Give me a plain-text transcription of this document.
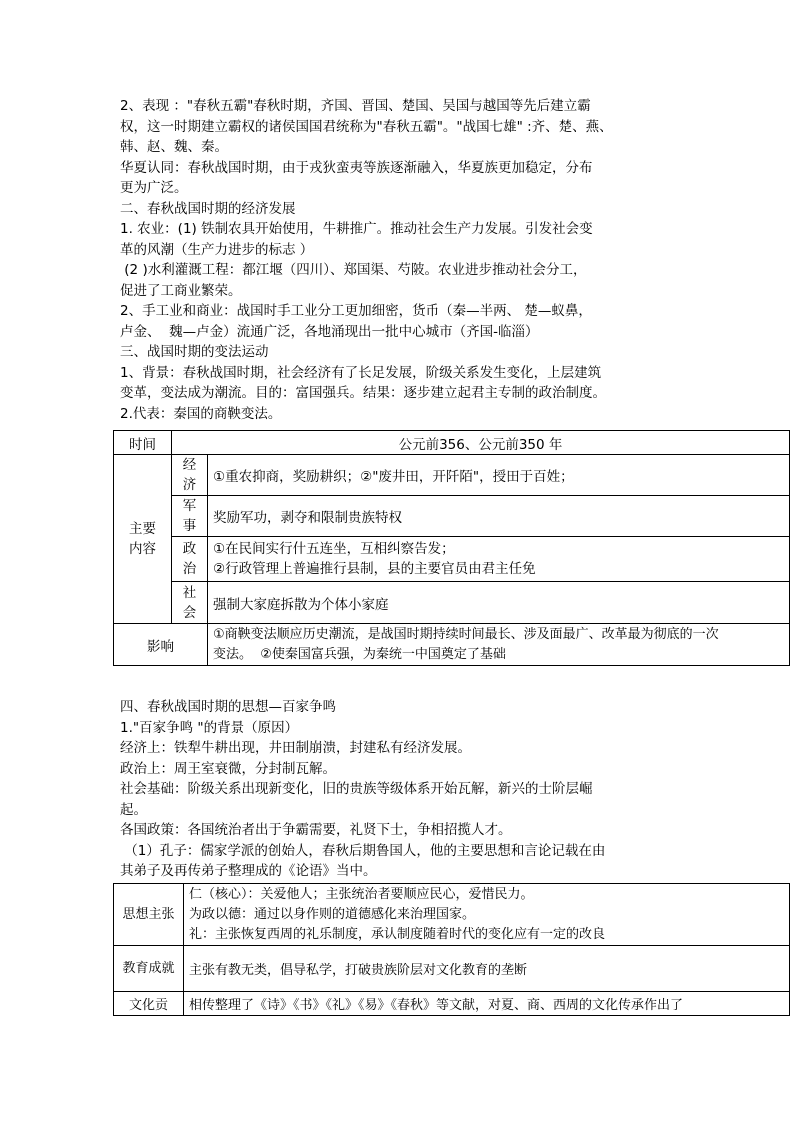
2、表现 ："春秋五霸"春秋时期，齐国、晋国、楚国、吴国与越国等先后建立霸

权，这一时期建立霸权的诸侯国国君统称为"春秋五霸"。"战国七雄" :齐、楚、燕、

韩、赵、魏、秦。

华夏认同：春秋战国时期，由于戎狄蛮夷等族逐渐融入，华夏族更加稳定，分布

更为广泛。

二、春秋战国时期的经济发展

1. 农业：(1) 铁制农具开始使用，牛耕推广。推动社会生产力发展。引发社会变

革的风潮（生产力进步的标志 ）

(2 )水利灌溉工程：都江堰（四川）、郑国渠、芍陂。农业进步推动社会分工，

促进了工商业繁荣。

2、手工业和商业：战国时手工业分工更加细密，货币（秦—半两、 楚—蚁鼻，

卢金、  魏—卢金）流通广泛，各地涌现出一批中心城市（齐国-临淄）

三、战国时期的变法运动

1、背景：春秋战国时期，社会经济有了长足发展，阶级关系发生变化，上层建筑

变革，变法成为潮流。目的：富国强兵。结果：逐步建立起君主专制的政治制度。

2.代表：秦国的商鞅变法。

时间	公元前356、公元前350 年	
主要内容	经济	①重农抑商，奖励耕织；②"废井田，开阡陌"，授田于百姓；
	军事	奖励军功，剥夺和限制贵族特权
	政治	①在民间实行什五连坐，互相纠察告发；
②行政管理上普遍推行县制，县的主要官员由君主任免

	社会	强制大家庭拆散为个体小家庭
影响		①商鞅变法顺应历史潮流，是战国时期持续时间最长、涉及面最广、改革最为彻底的一次
变法。  ②使秦国富兵强，为秦统一中国奠定了基础

四、春秋战国时期的思想—百家争鸣

1."百家争鸣 "的背景（原因）

经济上：铁犁牛耕出现，井田制崩溃，封建私有经济发展。

政治上：周王室衰微，分封制瓦解。

社会基础：阶级关系出现新变化，旧的贵族等级体系开始瓦解，新兴的士阶层崛

起。

各国政策：各国统治者出于争霸需要，礼贤下士，争相招揽人才。

（1）孔子：儒家学派的创始人，春秋后期鲁国人，他的主要思想和言论记载在由

其弟子及再传弟子整理成的《论语》当中。

思想主张	仁（核心）：关爱他人；主张统治者要顺应民心，爱惜民力。
为政以德：通过以身作则的道德感化来治理国家。
礼：主张恢复西周的礼乐制度，承认制度随着时代的变化应有一定的改良

教育成就	主张有教无类，倡导私学，打破贵族阶层对文化教育的垄断
文化贡	相传整理了《诗》《书》《礼》《易》《春秋》等文献，对夏、商、西周的文化传承作出了
